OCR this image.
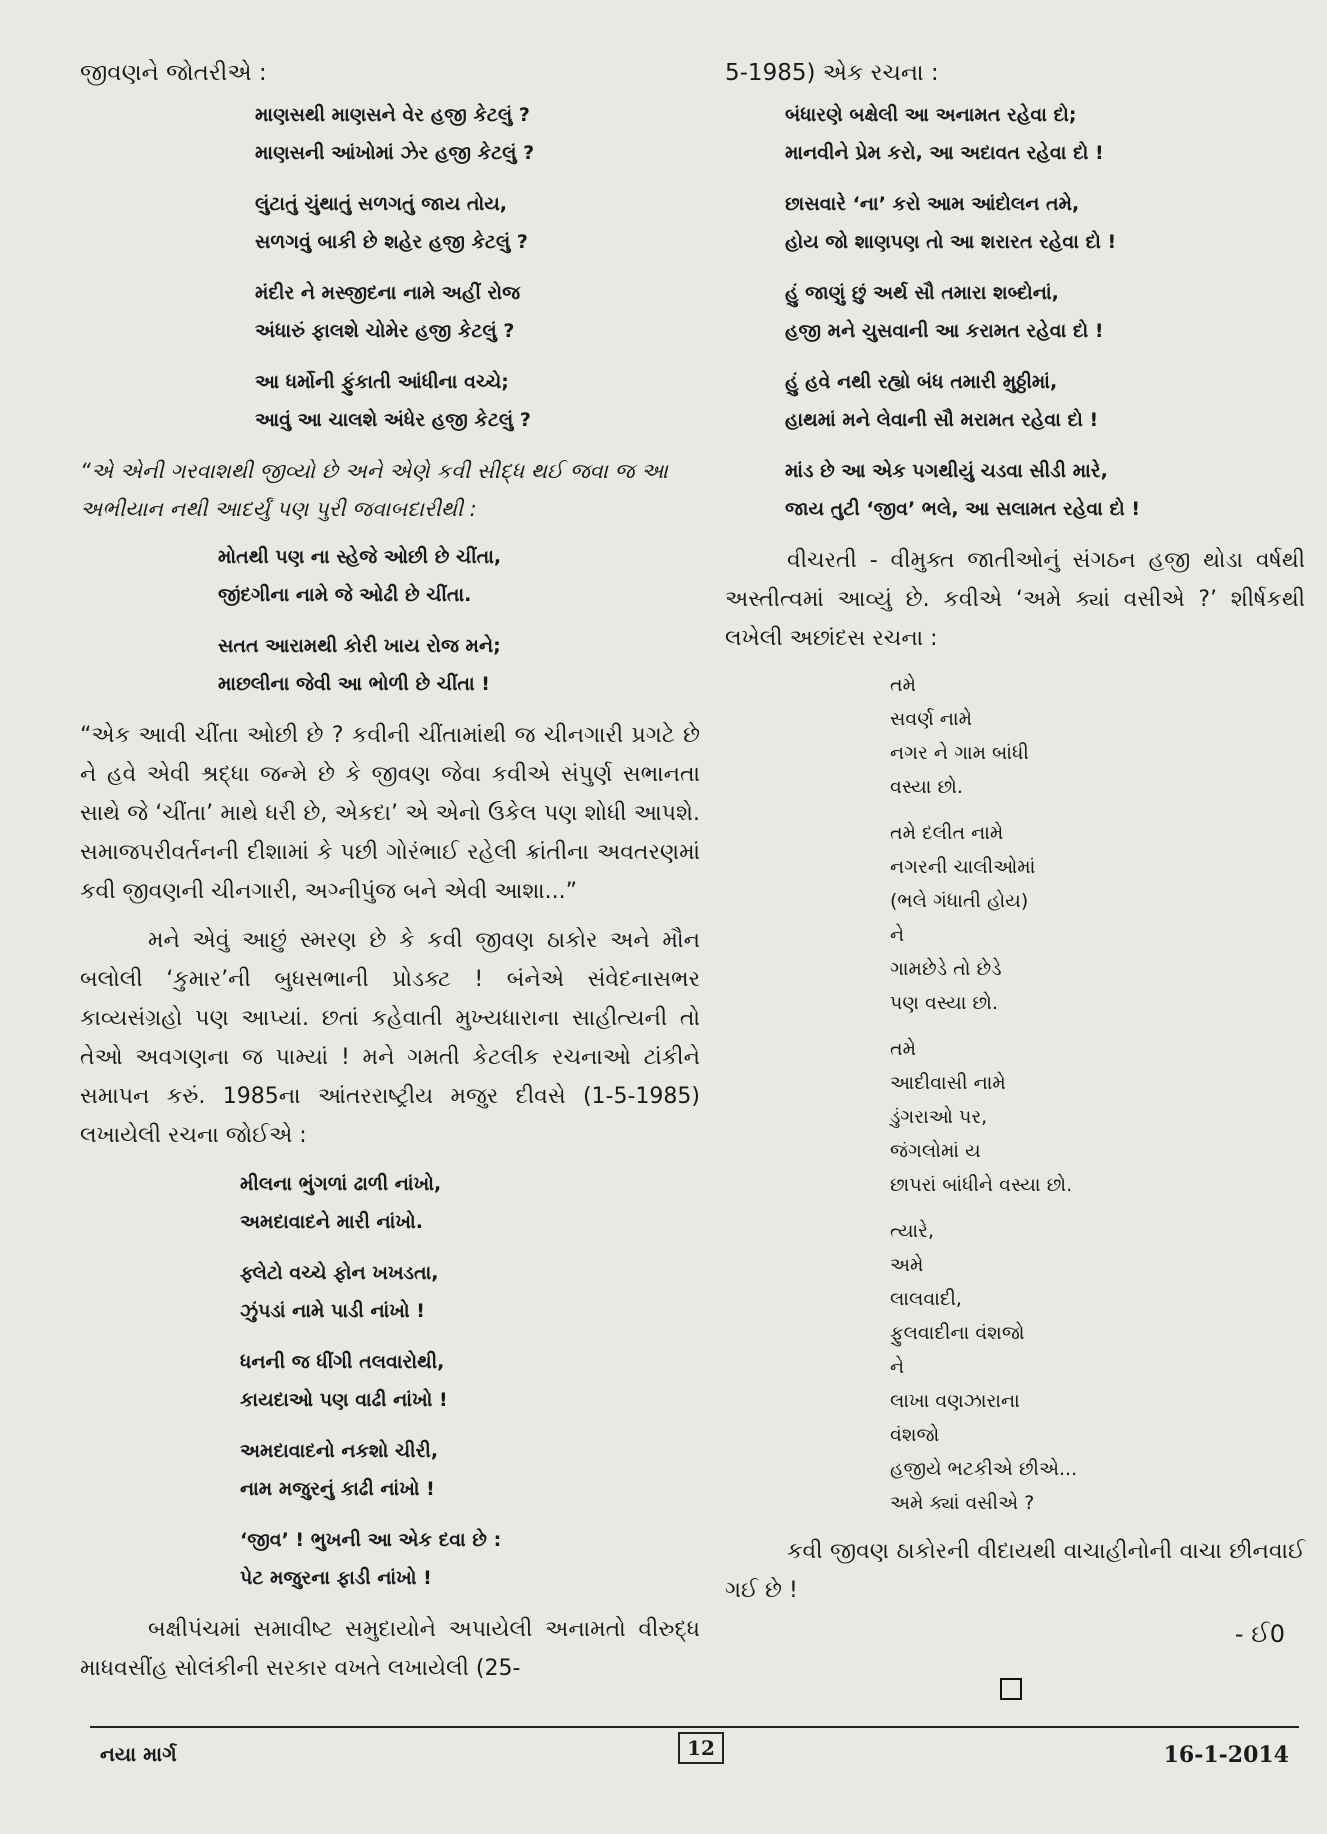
જીવણને જોતરીએ :
માણસથી માણસને વેર હજી કેટલું ?
માણસની આંખોમાં ઝેર હજી કેટલું ?
લુંટાતું ચુંથાતું સળગતું જાય તોય,
સળગવું બાકી છે શહેર હજી કેટલું ?
મંદીર ને મસ્જીદના નામે અહીં રોજ
અંધારું ફાલશે ચોમેર હજી કેટલું ?
આ ધર્મોની ફુંકાતી આંધીના વચ્ચે;
આવું આ ચાલશે અંધેર હજી કેટલું ?
“એ એની ગરવાશથી જીવ્યો છે અને એણે કવી સીદ્ધ થઈ જવા જ આ અભીયાન નથી આદર્યું પણ પુરી જવાબદારીથી :
મોતથી પણ ના સ્હેજે ઓછી છે ચીંતા,
જીંદગીના નામે જે ઓઢી છે ચીંતા.
સતત આરામથી કોરી ખાય રોજ મને;
માછલીના જેવી આ ભોળી છે ચીંતા !
“એક આવી ચીંતા ઓછી છે ? કવીની ચીંતામાંથી જ ચીનગારી પ્રગટે છે ને હવે એવી શ્રદ્ધા જન્મે છે કે જીવણ જેવા કવીએ સંપુર્ણ સભાનતા સાથે જે ‘ચીંતા’ માથે ધરી છે, એકદા’ એ એનો ઉકેલ પણ શોધી આપશે. સમાજપરીવર્તનની દીશામાં કે પછી ગોરંભાઈ રહેલી ક્રાંતીના અવતરણમાં કવી જીવણની ચીનગારી, અગ્નીપુંજ બને એવી આશા...”
મને એવું આછું સ્મરણ છે કે કવી જીવણ ઠાકોર અને મૌન બલોલી ‘કુમાર’ની બુધસભાની પ્રોડક્ટ ! બંનેએ સંવેદનાસભર કાવ્યસંગ્રહો પણ આપ્યાં. છતાં કહેવાતી મુખ્યધારાના સાહીત્યની તો તેઓ અવગણના જ પામ્યાં ! મને ગમતી કેટલીક રચનાઓ ટાંકીને સમાપન કરું. 1985ના આંતરરાષ્ટ્રીય મજુર દીવસે (1-5-1985) લખાયેલી રચના જોઈએ :
મીલના ભુંગળાં ઢાળી નાંખો,
અમદાવાદને મારી નાંખો.
ફ્લેટો વચ્ચે ફોન ખખડતા,
ઝુંપડાં નામે પાડી નાંખો !
ધનની જ ધીંગી તલવારોથી,
કાયદાઓ પણ વાઢી નાંખો !
અમદાવાદનો નકશો ચીરી,
નામ મજુરનું કાઢી નાંખો !
‘જીવ’ ! ભુખની આ એક દવા છે :
પેટ મજુરના ફાડી નાંખો !
બક્ષીપંચમાં સમાવીષ્ટ સમુદાયોને અપાયેલી અનામતો વીરુદ્ધ માધવસીંહ સોલંકીની સરકાર વખતે લખાયેલી (25-
5-1985) એક રચના :
બંધારણે બક્ષેલી આ અનામત રહેવા દો;
માનવીને પ્રેમ કરો, આ અદાવત રહેવા દો !
છાસવારે ‘ના’ કરો આમ આંદોલન તમે,
હોય જો શાણપણ તો આ શરારત રહેવા દો !
હું જાણું છું અર્થ સૌ તમારા શબ્દોનાં,
હજી મને ચુસવાની આ કરામત રહેવા દો !
હું હવે નથી રહ્યો બંધ તમારી મુઠ્ઠીમાં,
હાથમાં મને લેવાની સૌ મરામત રહેવા દો !
માંડ છે આ એક પગથીયું ચડવા સીડી મારે,
જાય તુટી ‘જીવ’ ભલે, આ સલામત રહેવા દો !
વીચરતી - વીમુક્ત જાતીઓનું સંગઠન હજી થોડા વર્ષથી અસ્તીત્વમાં આવ્યું છે. કવીએ ‘અમે ક્યાં વસીએ ?’ શીર્ષકથી લખેલી અછાંદસ રચના :
તમે
સવર્ણ નામે
નગર ને ગામ બાંધી
વસ્યા છો.
તમે દલીત નામે
નગરની ચાલીઓમાં
(ભલે ગંધાતી હોય)
ને
ગામછેડે તો છેડે
પણ વસ્યા છો.
તમે
આદીવાસી નામે
ડુંગરાઓ પર,
જંગલોમાં ય
છાપરાં બાંધીને વસ્યા છો.
ત્યારે,
અમે
લાલવાદી,
ફુલવાદીના વંશજો
ને
લાખા વણઝારાના
વંશજો
હજીયે ભટકીએ છીએ...
અમે ક્યાં વસીએ ?
કવી જીવણ ઠાકોરની વીદાયથી વાચાહીનોની વાચા છીનવાઈ ગઈ છે !
- ઈ0
નયા માર્ગ	12	16-1-2014
